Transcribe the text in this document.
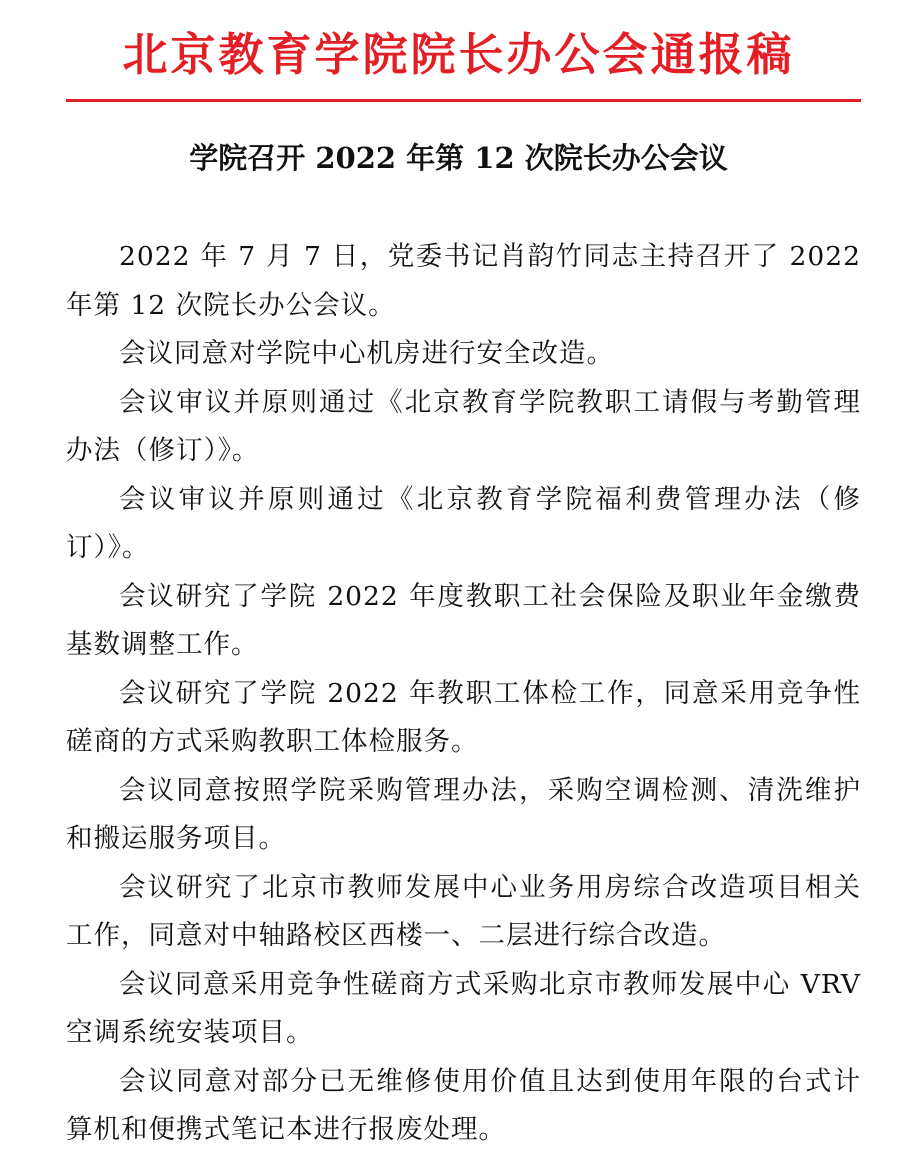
北京教育学院院长办公会通报稿
学院召开 2022 年第 12 次院长办公会议

2022 年 7 月 7 日，党委书记肖韵竹同志主持召开了 2022 年第 12 次院长办公会议。

会议同意对学院中心机房进行安全改造。

会议审议并原则通过《北京教育学院教职工请假与考勤管理办法（修订）》。

会议审议并原则通过《北京教育学院福利费管理办法（修订）》。

会议研究了学院 2022 年度教职工社会保险及职业年金缴费基数调整工作。

会议研究了学院 2022 年教职工体检工作，同意采用竞争性磋商的方式采购教职工体检服务。

会议同意按照学院采购管理办法，采购空调检测、清洗维护和搬运服务项目。

会议研究了北京市教师发展中心业务用房综合改造项目相关工作，同意对中轴路校区西楼一、二层进行综合改造。

会议同意采用竞争性磋商方式采购北京市教师发展中心 VRV 空调系统安装项目。

会议同意对部分已无维修使用价值且达到使用年限的台式计算机和便携式笔记本进行报废处理。
